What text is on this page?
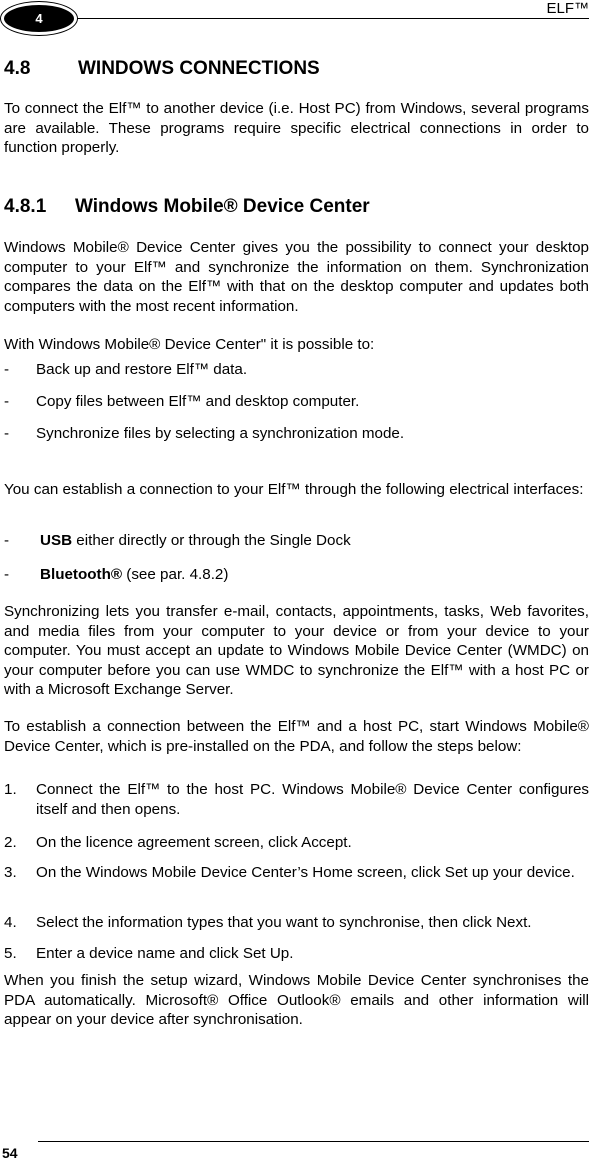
4
ELF™
4.8	WINDOWS CONNECTIONS

To connect the Elf™ to another device (i.e. Host PC) from Windows, several programs are available. These programs require specific electrical connections in order to function properly.

4.8.1 Windows Mobile® Device Center

Windows Mobile® Device Center gives you the possibility to connect your desktop computer to your Elf™ and synchronize the information on them. Synchronization compares the data on the Elf™ with that on the desktop computer and updates both computers with the most recent information.

With Windows Mobile® Device Center" it is possible to:

- Back up and restore Elf™ data.
- Copy files between Elf™ and desktop computer.
- Synchronize files by selecting a synchronization mode.

You can establish a connection to your Elf™ through the following electrical interfaces:

- USB either directly or through the Single Dock
- Bluetooth® (see par. 4.8.2)

Synchronizing lets you transfer e-mail, contacts, appointments, tasks, Web favorites, and media files from your computer to your device or from your device to your computer. You must accept an update to Windows Mobile Device Center (WMDC) on your computer before you can use WMDC to synchronize the Elf™ with a host PC or with a Microsoft Exchange Server.

To establish a connection between the Elf™ and a host PC, start Windows Mobile® Device Center, which is pre-installed on the PDA, and follow the steps below:

1. Connect the Elf™ to the host PC. Windows Mobile® Device Center configures itself and then opens.
2. On the licence agreement screen, click Accept.
3. On the Windows Mobile Device Center’s Home screen, click Set up your device.
4. Select the information types that you want to synchronise, then click Next.
5. Enter a device name and click Set Up.

When you finish the setup wizard, Windows Mobile Device Center synchronises the PDA automatically. Microsoft® Office Outlook® emails and other information will appear on your device after synchronisation.

54
